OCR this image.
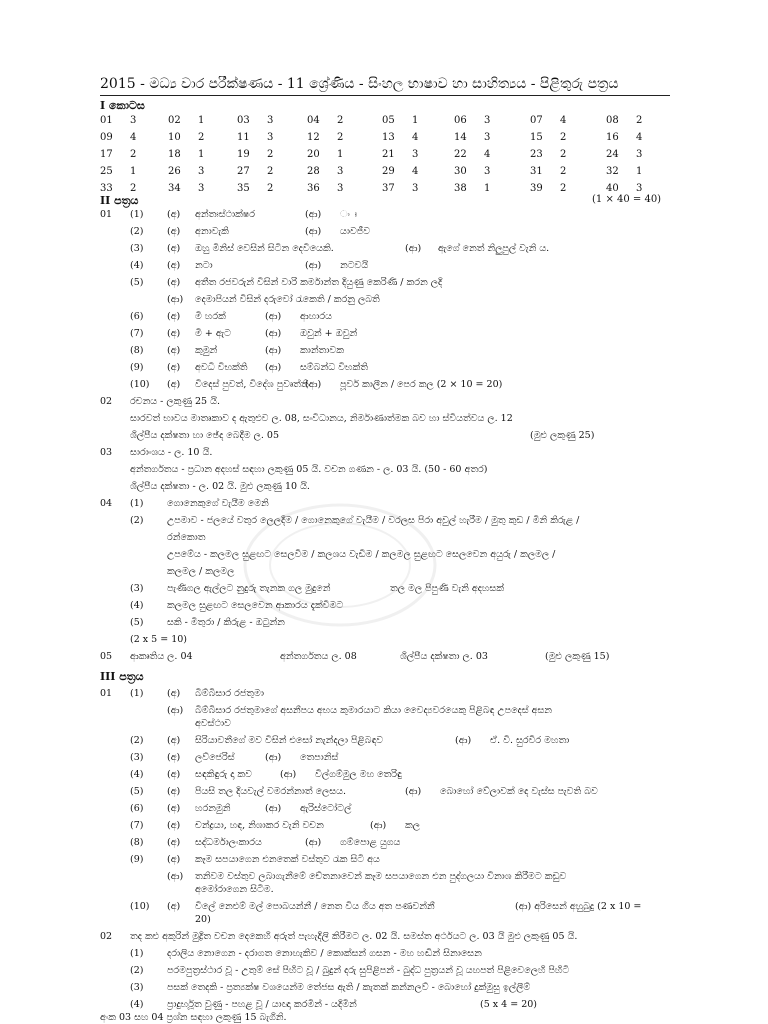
2015 - මධ්‍ය වාර පරීක්ෂණය - 11 ශ්‍රේණිය - සිංහල භාෂාව හා සාහිත්‍යය - පිළිතුරු පත්‍රය
I කොටස
01 3	02 1	03 3	04 2	05 1	06 3	07 4	08 2
09 4	10 2	11 3	12 2	13 4	14 3	15 2	16 4
17 2	18 1	19 2	20 1	21 3	22 4	23 2	24 3
25 1	26 3	27 2	28 3	29 4	30 3	31 2	32 1
33 2	34 3	35 2	36 3	37 3	38 1	39 2	40 3
II පත්‍රය	(1 × 40 = 40)
01 (1) (අ) අන්තඃස්ථාක්ෂර	(ආ) ං ඃ
(2) (අ) අනාවැකි	(ආ) යාවජීව
(3) (අ) ඔහු මිනිස් වෙසින් සිටින දෙවියෙකි.	(ආ) ඇගේ නෙත් නිලුපුල් වැනි ය.
(4) (අ) නටා	(ආ) නටවයි
(5) (අ) අතීත රජවරුන් විසින් වාරි කර්මාන්ත දියුණු කෙරිණි / කරන ලදි
(ආ) දෙමාපියන් විසින් දරුවෝ රැකෙති / කරනු ලබති
(6) (අ) මී හරක්	(ආ) ආහාරය
(7) (අ) මී + ඇට	(ආ) ඔවුන් + ඔවුන්
(8) (අ) කුමුන්	(ආ) කාන්තාවක
(9) (අ) අවධි විභක්ති (ආ) සම්බන්ධ විභක්ති
(10) (අ) විදෙස් පුවත්, විදේශ පුවෘත්ති
(ආ) පූර්ව කාලීන / පෙර කල (2 × 10 = 20)
02 රචනය - ලකුණු 25 යි.
සාරවත් භාවය මාතෘකාව ද ඇතුළුව ල. 08, සංවිධානය, නිර්මාණාත්මක බව හා ස්වීයත්වය ල. 12
ශිල්පීය දක්ෂතා හා ඡේද බෙදීම ල. 05	(මුළු ලකුණු 25)
03 සාරාංශය - ල. 10 යි.
අන්තර්ගතය - ප්‍රධාන අදහස් සඳහා ලකුණු 05 යි. වචන ගණන - ල. 03 යි. (50 - 60 අතර)
ශිල්පීය දක්ෂතා - ල. 02 යි. මුළු ලකුණු 10 යි.
04 (1) ගොනෙකුගේ වැයීම මෙනි
(2) උපමාව - ජලයේ වතුර ලෙලදීම / ගොනෙකුගේ වැයීම / වරලස පිරා අවුල් හැරීම / මුතු කුඩ / මිනි කිරුළ /
රන්කොත
උපමේය - කලමල සුළඟට සෙලවීම / කලශය වැඩීම / කලමල සුළඟට සෙලවෙන අයුරු / කලමල /
කලමල / කලමල
(3) පැණිගල ඇල්ලට නුදුරු තැනක ගල මුදුනේ	තල මල පිපුණි වැනි අදහසක්
(4) කලමල සුළඟට සෙලවෙන ආකාරය දැක්වීමට
(5) සකි - මිතුරා / කිරුළ - ඔටුන්න
(2 x 5 = 10)
05 ආකෘතිය ල. 04	අන්තර්ගතය ල. 08	ශිල්පීය දක්ෂතා ල. 03	(මුළු ලකුණු 15)
III පත්‍රය
01 (1) (අ) බිම්බිසාර රජතුමා
(ආ) බිම්බිසාර රජතුමාගේ අසනීපය අභය කුමාරයාට කියා වෛද්‍යවරයෙකු පිළිබඳ උපදෙස් අසන
අවස්ථාව
(2) (අ) සිරියාවතීගේ මව විසින් එසෝ නැන්දලා පිළිබඳව	(ආ) ඒ. වී. සුරවීර මහතා
(3) (අ) ලව්ජෙරිස්	(ආ) තෙපානිස්
(4) (අ) සඳකිඳුරු දා කව	(ආ) විල්ගම්මුල මහ තෙරිඳු
(5) (අ) පියසි තල දියවැල් වමරන්නාත් ලෙසය.	(ආ) බොහෝ වේලාවක් දෙ වැස්ස පැවති බව
(6) (අ) හරනමුනි	(ආ) ඇරිස්ටෝටල්
(7) (අ) චන්ද්‍රයා, හඳ, නිශාකර වැනි වචන	(ආ) කල
(8) (අ) සද්ධර්මාලංකාරය	(ආ) ගම්පොළ යුගය
(9) (අ) කෑම සපයාගෙන එනතෙක් වස්තුව රැක සිටි අය
(ආ) තනිවම වස්තුව ලබාගැනීමේ චේතනාවෙන් කෑම සපයාගෙන එන පුද්ගලයා විනාශ කිරීමට කඩුව
අමෝරාගෙන සිටීම.
(10) (අ) විලේ නෙළුම් මල් පොබයන්නී / නෙත විය ගිය අත පණවන්නී	(ආ) අරිසෙන් අහුබුදු (2 x 10 =
20)
02 තද කළු අකුරින් මුද්‍රිත වචන දෙකෙහි අරුත් පැහැදිලි කිරීමට ල. 02 යි. සමස්ත අර්ථයට ල. 03 යි මුළු ලකුණු 05 යි.
(1) දරාලිය නොගෙන - දරාගත නොහැකිව / කොක්සන් ගසන - මහ හඬින් සිනාසෙන
(2) පරමපුත්‍රස්ථාර වූ - උතුම් සේ පිහිට වූ / බුදුන් දරු සුපිළිපන් - බුද්ධ පුත්‍රයන් වූ යහපත් පිළිවෙලෙහි පිහිටි
(3) පසක් තෙදකි - ප්‍රත්‍යක්ෂ වශයෙන්ම තේජස ඇති / කැතක් කන්නලව් - බොහෝ දුක්මුසු ඉල්ලීම්
(4) ප්‍රාදුර්භූත වුණු - පහළ වූ / යාඥා කරමින් - යදිමින්	(5 x 4 = 20)
අංක 03 සහ 04 ප්‍රශ්න සඳහා ලකුණු 15 බැගිනි.
